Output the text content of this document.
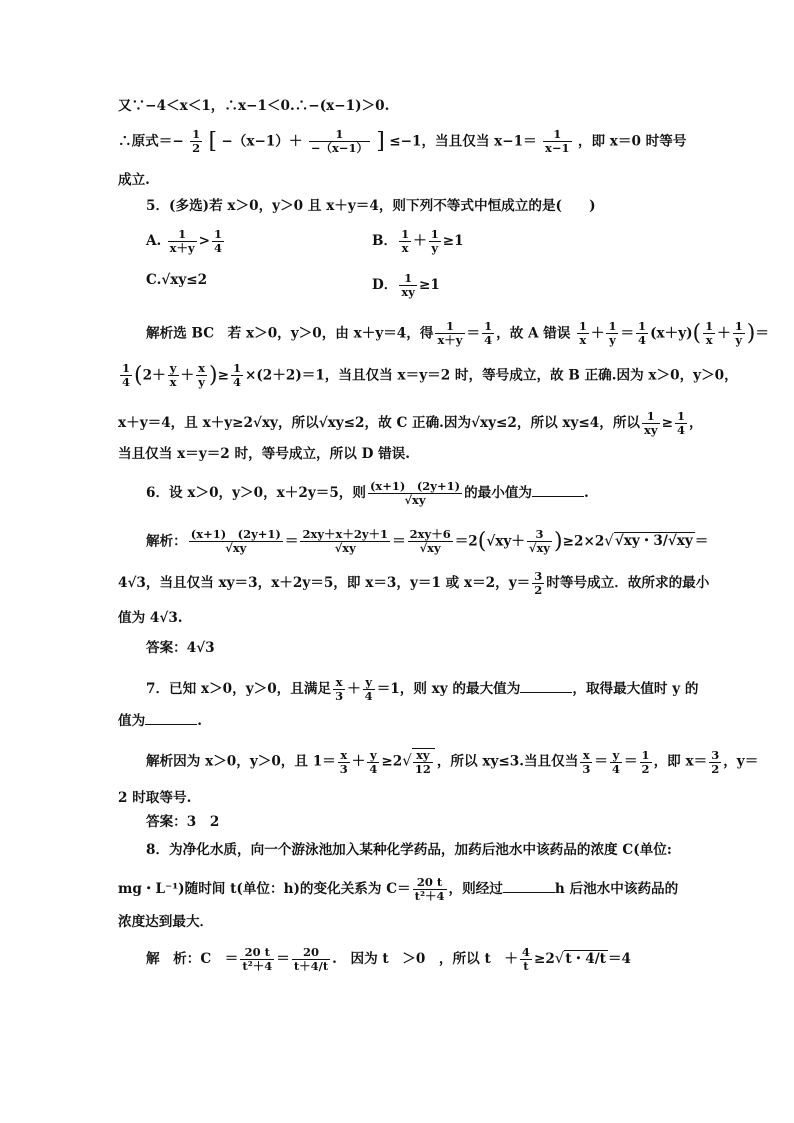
又∵−4＜x＜1，∴x−1＜0.∴−(x−1)＞0.
∴原式＝− $\frac{1}{2}$ [ $-(x-1)+ \frac{1}{-(x-1)}$ ] ≤−1，当且仅当 $x-1= \frac{1}{x-1}$ ，即 x＝0 时等号
成立.
5．(多选)若 x＞0，y＞0 且 x＋y＝4，则下列不等式中恒成立的是(　　)
A. $\frac{1}{x+y} > \frac{1}{4}$	B． $\frac{1}{x} + \frac{1}{y} \ge 1$
C.√xy≤2	D． $\frac{1}{xy} \ge 1$
解析选 BC　若 x＞0，y＞0，由 x＋y＝4，得 $\frac{1}{x+y} = \frac{1}{4}$ ，故 A 错误 $\frac{1}{x} + \frac{1}{y} = \frac{1}{4} (x+y)( \frac{1}{x} + \frac{1}{y}$ )＝
$\frac{1}{4} (2+ \frac{y}{x} + \frac{x}{y}$ )≥ $\frac{1}{4} \times(2+2)=1$，当且仅当 x＝y＝2 时，等号成立，故 B 正确.因为 x＞0，y＞0，
x＋y＝4，且 x＋y≥2√xy，所以√xy≤2，故 C 正确.因为√xy≤2，所以 xy≤4，所以 $\frac{1}{xy} \ge \frac{1}{4}$ ，
当且仅当 x＝y＝2 时，等号成立，所以 D 错误.
6．设 x＞0，y＞0，x＋2y＝5，则 $\frac{(x+1) (2y+1)}{√xy}$ 的最小值为	.
解析： $\frac{(x+1) (2y+1)}{√xy} = \frac{2xy+x+2y+1}{√xy} = \frac{2xy+6}{√xy} =2(√xy+ \frac{3}{√xy} )\ge 2\times 2√√xy$・3/√xy ＝
4√3，当且仅当 xy＝3，x＋2y＝5，即 x＝3，y＝1 或 x＝2，$y= \frac{3}{2}$ 时等号成立．故所求的最小
值为 4√3.
答案：4√3
7．已知 x＞0，y＞0，且满足 $\frac{x}{3} + \frac{y}{4} =1$，则 xy 的最大值为	，取得最大值时 y 的
值为	.
解析因为 x＞0，y＞0，且 $1= \frac{x}{3} + \frac{y}{4} \ge 2√ \frac{xy}{12}$ ，所以 xy≤3.当且仅当 $\frac{x}{3} = \frac{y}{4} = \frac{1}{2}$ ，即 $x= \frac{3}{2}$ ，y＝
2 时取等号.
答案：3　2
8．为净化水质，向一个游泳池加入某种化学药品，加药后池水中该药品的浓度 C(单位:
mg・L⁻¹)随时间 t(单位：h)的变化关系为 $C= \frac{20 t}{\text{t²＋4}}$ ，则经过	h 后池水中该药品的
浓度达到最大．
解　析：C　＝ $\frac{20 t}{\text{t²＋4}} = \frac{20}{t+4/t}$ .　因为 t　＞0　，所以 t　＋ $\frac{4}{t} \ge 2√t$・4/t ＝4
